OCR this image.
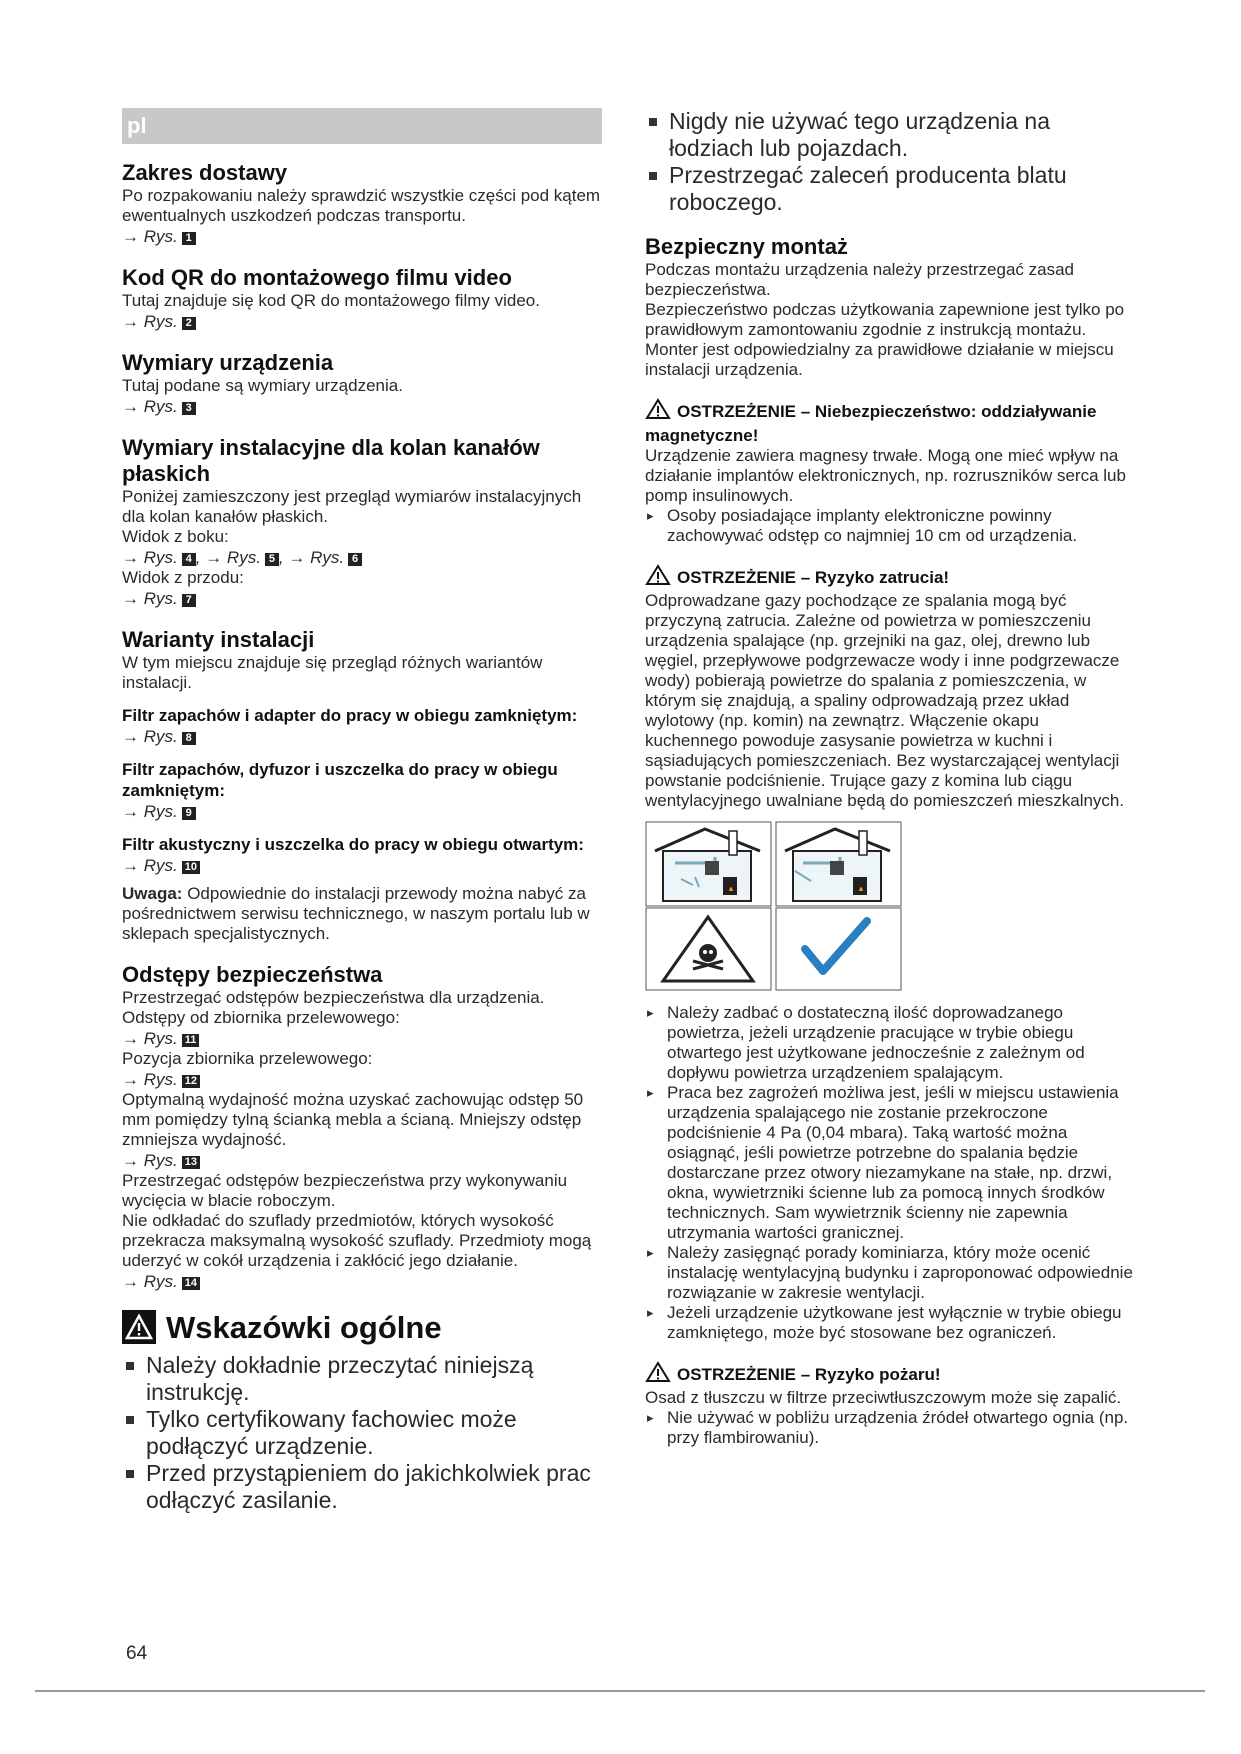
pl
Zakres dostawy

Po rozpakowaniu należy sprawdzić wszystkie części pod kątem ewentualnych uszkodzeń podczas transportu.

→ Rys. 1
Kod QR do montażowego filmu video

Tutaj znajduje się kod QR do montażowego filmy video.

→ Rys. 2
Wymiary urządzenia

Tutaj podane są wymiary urządzenia.

→ Rys. 3
Wymiary instalacyjne dla kolan kanałów płaskich

Poniżej zamieszczony jest przegląd wymiarów instalacyjnych dla kolan kanałów płaskich.

Widok z boku:

→ Rys. 4 , → Rys. 5 , → Rys. 6

Widok z przodu:

→ Rys. 7
Warianty instalacji

W tym miejscu znajduje się przegląd różnych wariantów instalacji.

Filtr zapachów i adapter do pracy w obiegu zamkniętym:
→ Rys. 8
Filtr zapachów, dyfuzor i uszczelka do pracy w obiegu zamkniętym:
→ Rys. 9
Filtr akustyczny i uszczelka do pracy w obiegu otwartym:
→ Rys. 10

Uwaga: Odpowiednie do instalacji przewody można nabyć za pośrednictwem serwisu technicznego, w naszym portalu lub w sklepach specjalistycznych.

Odstępy bezpieczeństwa

Przestrzegać odstępów bezpieczeństwa dla urządzenia.

Odstępy od zbiornika przelewowego:

→ Rys. 11

Pozycja zbiornika przelewowego:

→ Rys. 12

Optymalną wydajność można uzyskać zachowując odstęp 50 mm pomiędzy tylną ścianką mebla a ścianą. Mniejszy odstęp zmniejsza wydajność.

→ Rys. 13

Przestrzegać odstępów bezpieczeństwa przy wykonywaniu wycięcia w blacie roboczym.

Nie odkładać do szuflady przedmiotów, których wysokość przekracza maksymalną wysokość szuflady. Przedmioty mogą uderzyć w cokół urządzenia i zakłócić jego działanie.

→ Rys. 14
Wskazówki ogólne
Należy dokładnie przeczytać niniejszą instrukcję.
Tylko certyfikowany fachowiec może podłączyć urządzenie.
Przed przystąpieniem do jakichkolwiek prac odłączyć zasilanie.
Nigdy nie używać tego urządzenia na łodziach lub pojazdach.
Przestrzegać zaleceń producenta blatu roboczego.
Bezpieczny montaż

Podczas montażu urządzenia należy przestrzegać zasad bezpieczeństwa.

Bezpieczeństwo podczas użytkowania zapewnione jest tylko po prawidłowym zamontowaniu zgodnie z instrukcją montażu. Monter jest odpowiedzialny za prawidłowe działanie w miejscu instalacji urządzenia.

OSTRZEŻENIE – Niebezpieczeństwo: oddziaływanie magnetyczne!

Urządzenie zawiera magnesy trwałe. Mogą one mieć wpływ na działanie implantów elektronicznych, np. rozruszników serca lub pomp insulinowych.

▸ Osoby posiadające implanty elektroniczne powinny zachowywać odstęp co najmniej 10 cm od urządzenia.
OSTRZEŻENIE – Ryzyko zatrucia!

Odprowadzane gazy pochodzące ze spalania mogą być przyczyną zatrucia. Zależne od powietrza w pomieszczeniu urządzenia spalające (np. grzejniki na gaz, olej, drewno lub węgiel, przepływowe podgrzewacze wody i inne podgrzewacze wody) pobierają powietrze do spalania z pomieszczenia, w którym się znajdują, a spaliny odprowadzają przez układ wylotowy (np. komin) na zewnątrz. Włączenie okapu kuchennego powoduje zasysanie powietrza w kuchni i sąsiadujących pomieszczeniach. Bez wystarczającej wentylacji powstanie podciśnienie. Trujące gazy z komina lub ciągu wentylacyjnego uwalniane będą do pomieszczeń mieszkalnych.

▸ Należy zadbać o dostateczną ilość doprowadzanego powietrza, jeżeli urządzenie pracujące w trybie obiegu otwartego jest użytkowane jednocześnie z zależnym od dopływu powietrza urządzeniem spalającym.
▸ Praca bez zagrożeń możliwa jest, jeśli w miejscu ustawienia urządzenia spalającego nie zostanie przekroczone podciśnienie 4 Pa (0,04 mbara). Taką wartość można osiągnąć, jeśli powietrze potrzebne do spalania będzie dostarczane przez otwory niezamykane na stałe, np. drzwi, okna, wywietrzniki ścienne lub za pomocą innych środków technicznych. Sam wywietrznik ścienny nie zapewnia utrzymania wartości granicznej.
▸ Należy zasięgnąć porady kominiarza, który może ocenić instalację wentylacyjną budynku i zaproponować odpowiednie rozwiązanie w zakresie wentylacji.
▸ Jeżeli urządzenie użytkowane jest wyłącznie w trybie obiegu zamkniętego, może być stosowane bez ograniczeń.
OSTRZEŻENIE – Ryzyko pożaru!

Osad z tłuszczu w filtrze przeciwtłuszczowym może się zapalić.

▸ Nie używać w pobliżu urządzenia źródeł otwartego ognia (np. przy flambirowaniu).
64
